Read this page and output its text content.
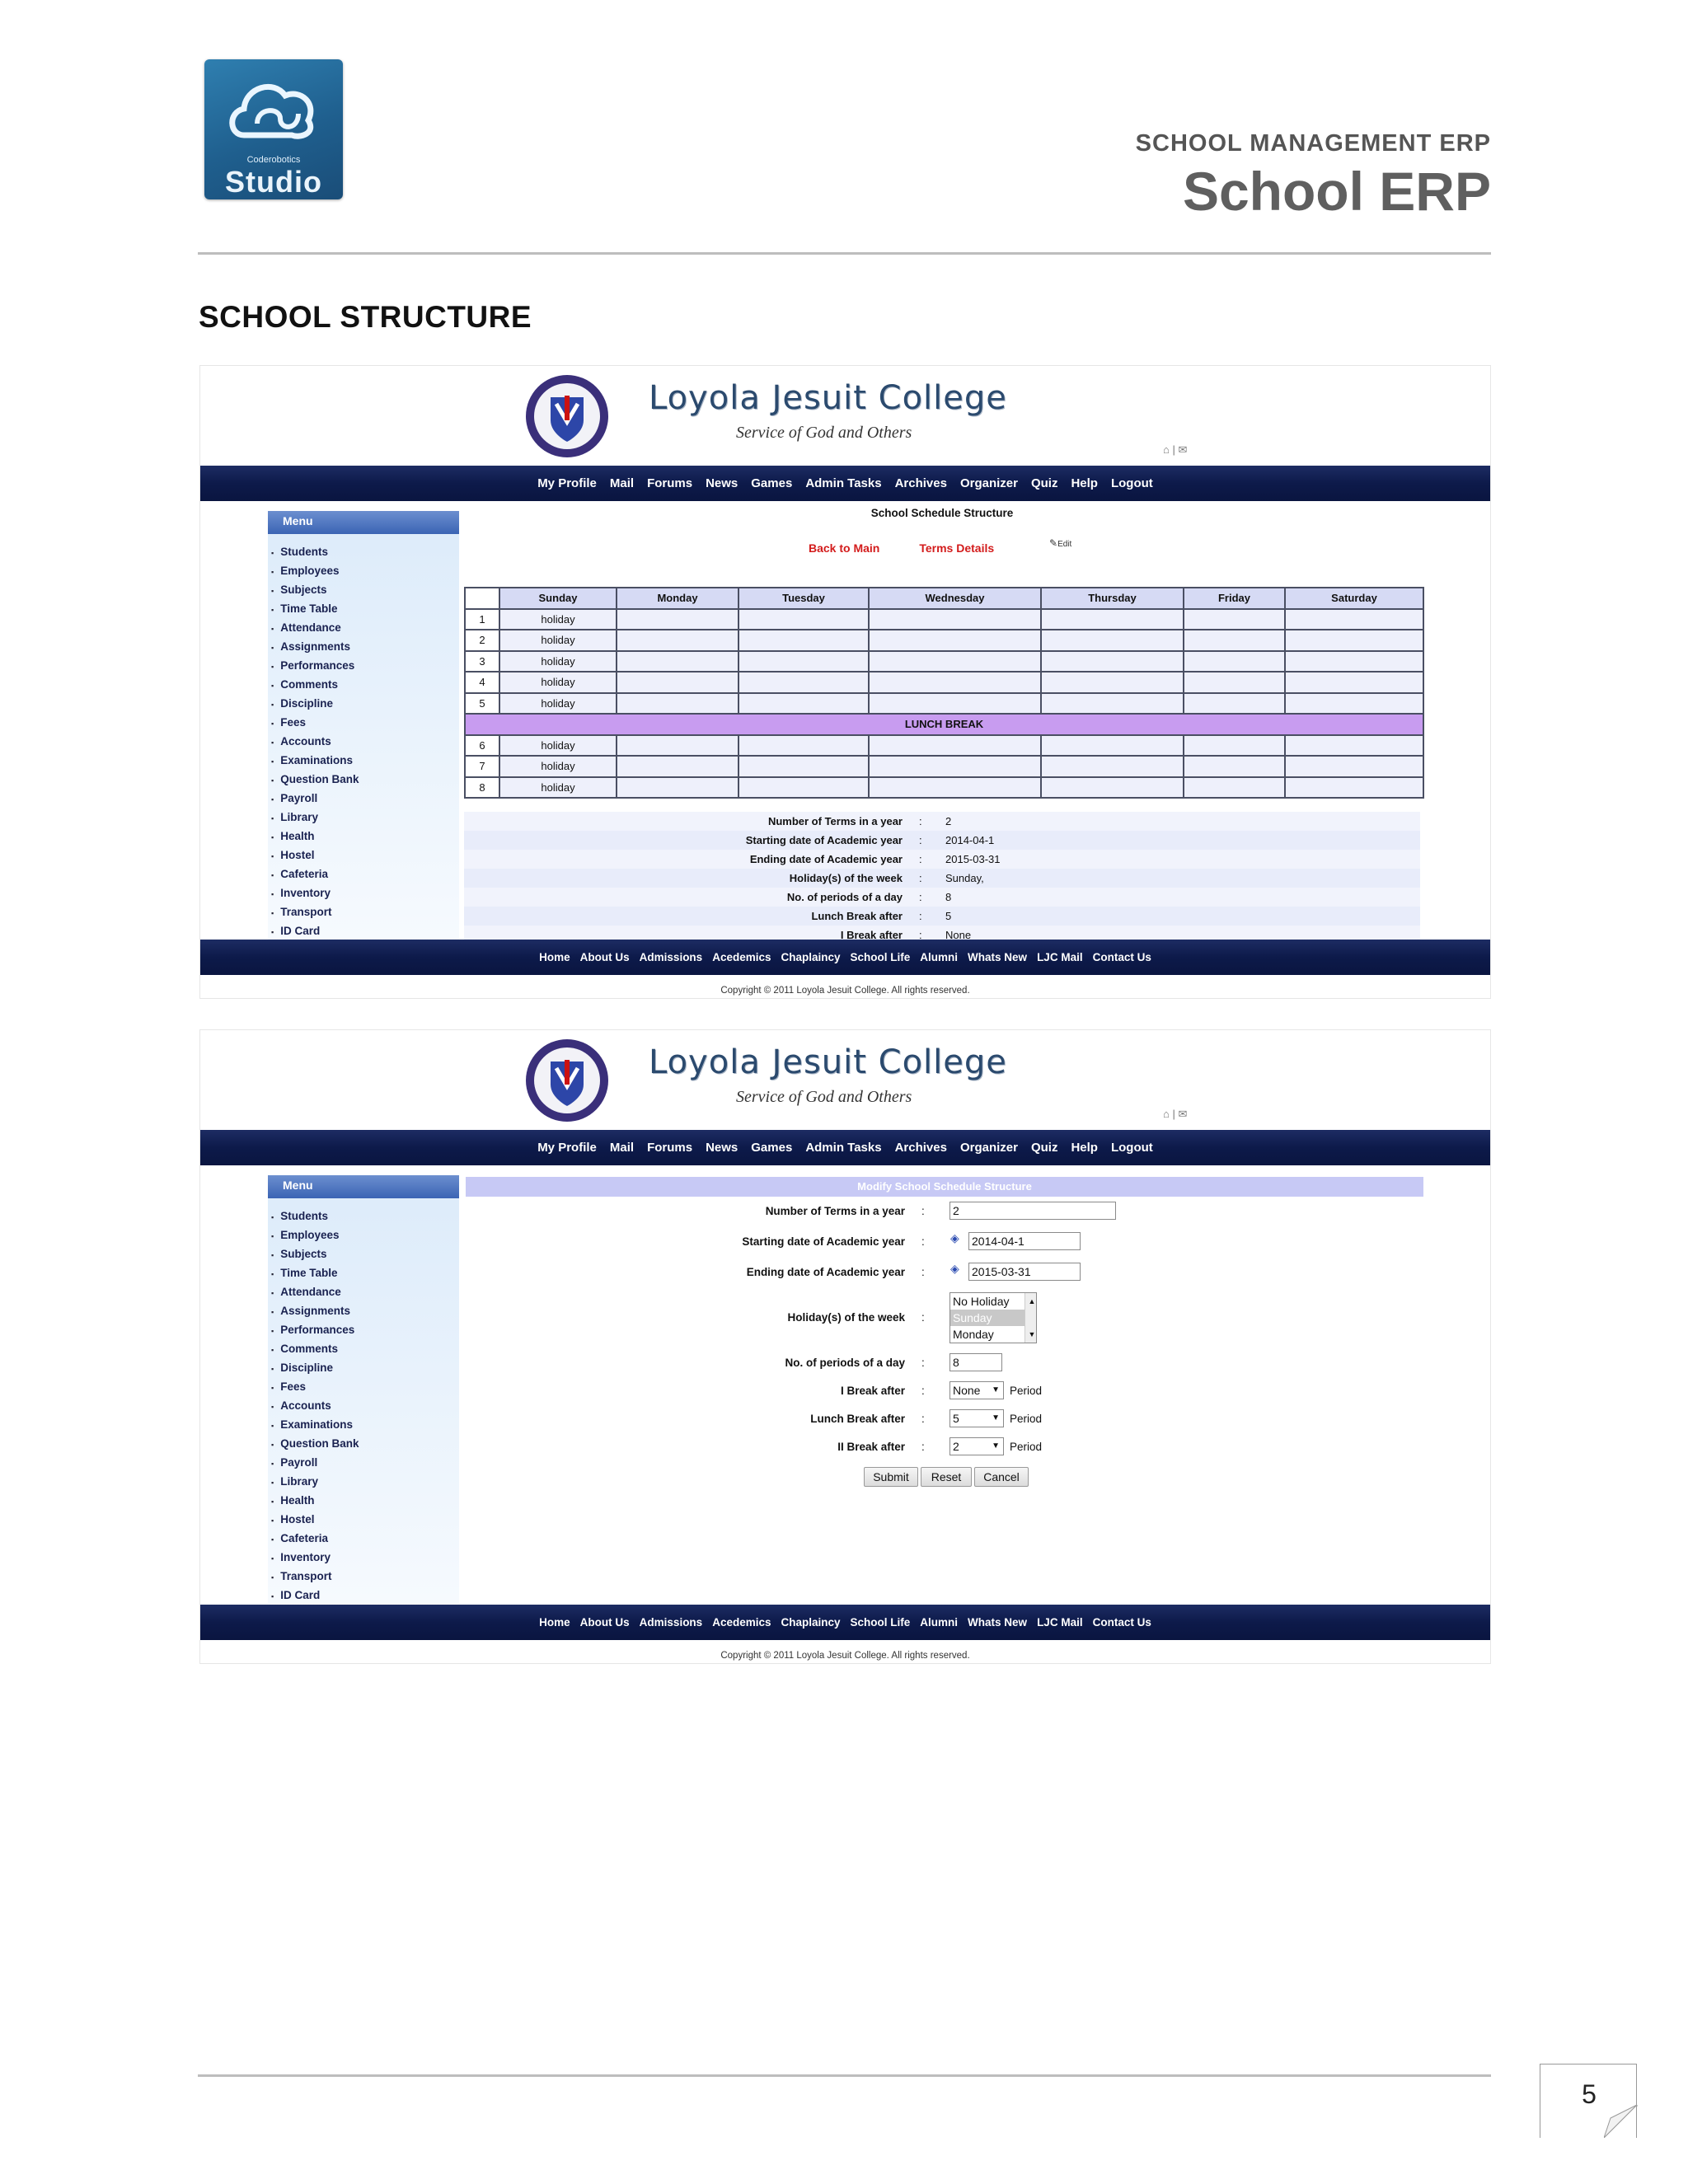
Coderobotics
Studio
SCHOOL MANAGEMENT ERP
School ERP
SCHOOL STRUCTURE
Loyola Jesuit College
Service of God and Others
⌂ | ✉
My Profile Mail Forums News Games Admin Tasks Archives Organizer Quiz Help Logout
Menu
▪ Students
▪ Employees
▪ Subjects
▪ Time Table
▪ Attendance
▪ Assignments
▪ Performances
▪ Comments
▪ Discipline
▪ Fees
▪ Accounts
▪ Examinations
▪ Question Bank
▪ Payroll
▪ Library
▪ Health
▪ Hostel
▪ Cafeteria
▪ Inventory
▪ Transport
▪ ID Card
School Schedule Structure
Back to Main	Terms Details	✎Edit
	Sunday	Monday	Tuesday	Wednesday	Thursday	Friday	Saturday
1	holiday						
2	holiday						
3	holiday						
4	holiday						
5	holiday						
LUNCH BREAK							
6	holiday						
7	holiday						
8	holiday						
Number of Terms in a year : 2
Starting date of Academic year : 2014-04-1
Ending date of Academic year : 2015-03-31
Holiday(s) of the week : Sunday,
No. of periods of a day : 8
Lunch Break after : 5
I Break after : None
Home About Us Admissions Acedemics Chaplaincy School Life Alumni Whats New LJC Mail Contact Us
Copyright © 2011 Loyola Jesuit College. All rights reserved.
Loyola Jesuit College
Service of God and Others
⌂ | ✉
My Profile Mail Forums News Games Admin Tasks Archives Organizer Quiz Help Logout
Menu
▪ Students
▪ Employees
▪ Subjects
▪ Time Table
▪ Attendance
▪ Assignments
▪ Performances
▪ Comments
▪ Discipline
▪ Fees
▪ Accounts
▪ Examinations
▪ Question Bank
▪ Payroll
▪ Library
▪ Health
▪ Hostel
▪ Cafeteria
▪ Inventory
▪ Transport
▪ ID Card
Modify School Schedule Structure
Number of Terms in a year : 2
Starting date of Academic year : ◈ 2014-04-1
Ending date of Academic year : ◈ 2015-03-31
Holiday(s) of the week :
No Holiday
Sunday
Monday
▲

▼
No. of periods of a day : 8
I Break after : None ▼ Period
Lunch Break after : 5	▼ Period
II Break after : 2	▼ Period
Submit	Reset	Cancel
Home About Us Admissions Acedemics Chaplaincy School Life Alumni Whats New LJC Mail Contact Us
Copyright © 2011 Loyola Jesuit College. All rights reserved.
5
